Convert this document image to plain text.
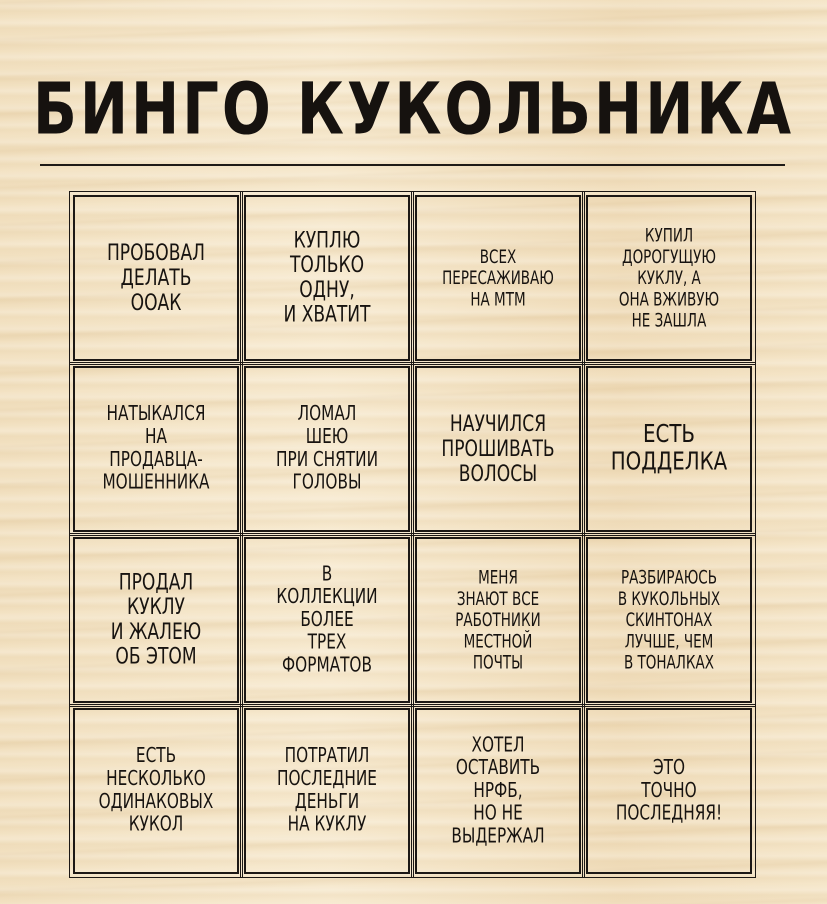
БИНГО КУКОЛЬНИКА
ПРОБОВАЛ
ДЕЛАТЬ
ООАК
КУПЛЮ
ТОЛЬКО
ОДНУ,
И ХВАТИТ
ВСЕХ
ПЕРЕСАЖИВАЮ
НА МТМ
КУПИЛ
ДОРОГУЩУЮ
КУКЛУ, А
ОНА ВЖИВУЮ
НЕ ЗАШЛА
НАТЫКАЛСЯ
НА
ПРОДАВЦА-
МОШЕННИКА
ЛОМАЛ
ШЕЮ
ПРИ СНЯТИИ
ГОЛОВЫ
НАУЧИЛСЯ
ПРОШИВАТЬ
ВОЛОСЫ
ЕСТЬ
ПОДДЕЛКА
ПРОДАЛ
КУКЛУ
И ЖАЛЕЮ
ОБ ЭТОМ
В
КОЛЛЕКЦИИ
БОЛЕЕ
ТРЕХ
ФОРМАТОВ
МЕНЯ
ЗНАЮТ ВСЕ
РАБОТНИКИ
МЕСТНОЙ
ПОЧТЫ
РАЗБИРАЮСЬ
В КУКОЛЬНЫХ
СКИНТОНАХ
ЛУЧШЕ, ЧЕМ
В ТОНАЛКАХ
ЕСТЬ
НЕСКОЛЬКО
ОДИНАКОВЫХ
КУКОЛ
ПОТРАТИЛ
ПОСЛЕДНИЕ
ДЕНЬГИ
НА КУКЛУ
ХОТЕЛ
ОСТАВИТЬ
НРФБ,
НО НЕ
ВЫДЕРЖАЛ
ЭТО
ТОЧНО
ПОСЛЕДНЯЯ!
